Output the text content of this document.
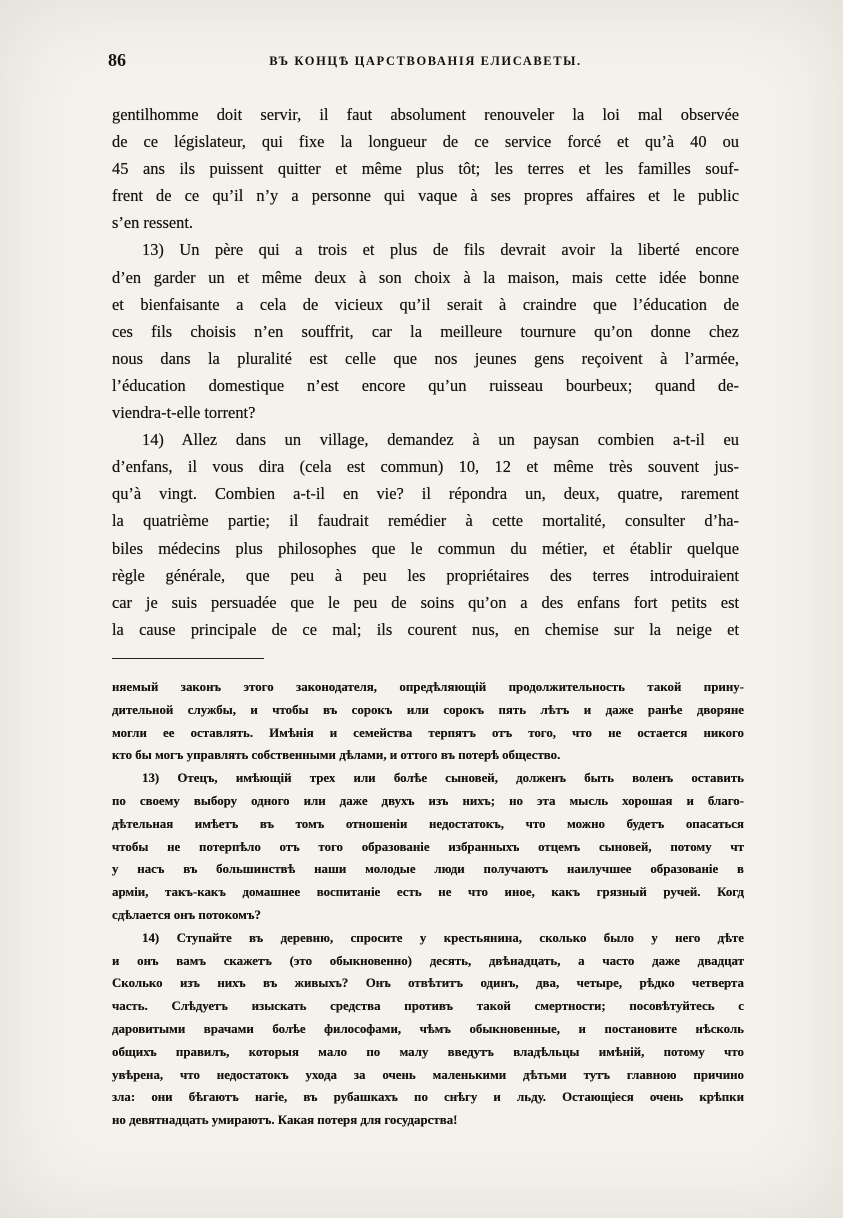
86	ВЪ КОНЦѢ ЦАРСТВОВАНІЯ ЕЛИСАВЕТЫ.
gentilhomme doit servir, il faut absolument renouveler la loi mal observée
de ce législateur, qui fixe la longueur de ce service forcé et qu’à 40 ou
45 ans ils puissent quitter et même plus tôt; les terres et les familles souf-
frent de ce qu’il n’y a personne qui vaque à ses propres affaires et le public
s’en ressent.
13) Un père qui a trois et plus de fils devrait avoir la liberté encore
d’en garder un et même deux à son choix à la maison, mais cette idée bonne
et bienfaisante a cela de vicieux qu’il serait à craindre que l’éducation de
ces fils choisis n’en souffrit, car la meilleure tournure qu’on donne chez
nous dans la pluralité est celle que nos jeunes gens reçoivent à l’armée,
l’éducation domestique n’est encore qu’un ruisseau bourbeux; quand de-
viendra-t-elle torrent?
14) Allez dans un village, demandez à un paysan combien a-t-il eu
d’enfans, il vous dira (cela est commun) 10, 12 et même très souvent jus-
qu’à vingt. Combien a-t-il en vie? il répondra un, deux, quatre, rarement
la quatrième partie; il faudrait remédier à cette mortalité, consulter d’ha-
biles médecins plus philosophes que le commun du métier, et établir quelque
règle générale, que peu à peu les propriétaires des terres introduiraient
car je suis persuadée que le peu de soins qu’on a des enfans fort petits est
la cause principale de ce mal; ils courent nus, en chemise sur la neige et
няемый законъ этого законодателя, опредѣляющій продолжительность такой прину-
дительной службы, и чтобы въ сорокъ или сорокъ пять лѣтъ и даже ранѣе дворяне
могли ее оставлять. Имѣнія и семейства терпятъ отъ того, что не остается никого
кто бы могъ управлять собственными дѣлами, и оттого въ потерѣ общество.
13) Отецъ, имѣющій трех или болѣе сыновей, долженъ быть воленъ оставить
по своему выбору одного или даже двухъ изъ нихъ; но эта мысль хорошая и благо-
дѣтельная имѣетъ въ томъ отношеніи недостатокъ, что можно будетъ опасаться
чтобы не потерпѣло отъ того образованіе избранныхъ отцемъ сыновей, потому чт
у насъ въ большинствѣ наши молодые люди получаютъ наилучшее образованіе в
арміи, такъ-какъ домашнее воспитаніе есть не что иное, какъ грязный ручей. Когд
сдѣлается онъ потокомъ?
14) Ступайте въ деревню, спросите у крестьянина, сколько было у него дѣте
и онъ вамъ скажетъ (это обыкновенно) десять, двѣнадцать, а часто даже двадцат
Сколько изъ нихъ въ живыхъ? Онъ отвѣтитъ одинъ, два, четыре, рѣдко четверта
часть. Слѣдуетъ изыскать средства противъ такой смертности; посовѣтуйтесь с
даровитыми врачами болѣе философами, чѣмъ обыкновенные, и постановите нѣсколь
общихъ правилъ, которыя мало по малу введутъ владѣльцы имѣній, потому что
увѣрена, что недостатокъ ухода за очень маленькими дѣтьми тутъ главною причино
зла: они бѣгаютъ нагіе, въ рубашкахъ по снѣгу и льду. Остающіеся очень крѣпки
но девятнадцать умираютъ. Какая потеря для государства!
